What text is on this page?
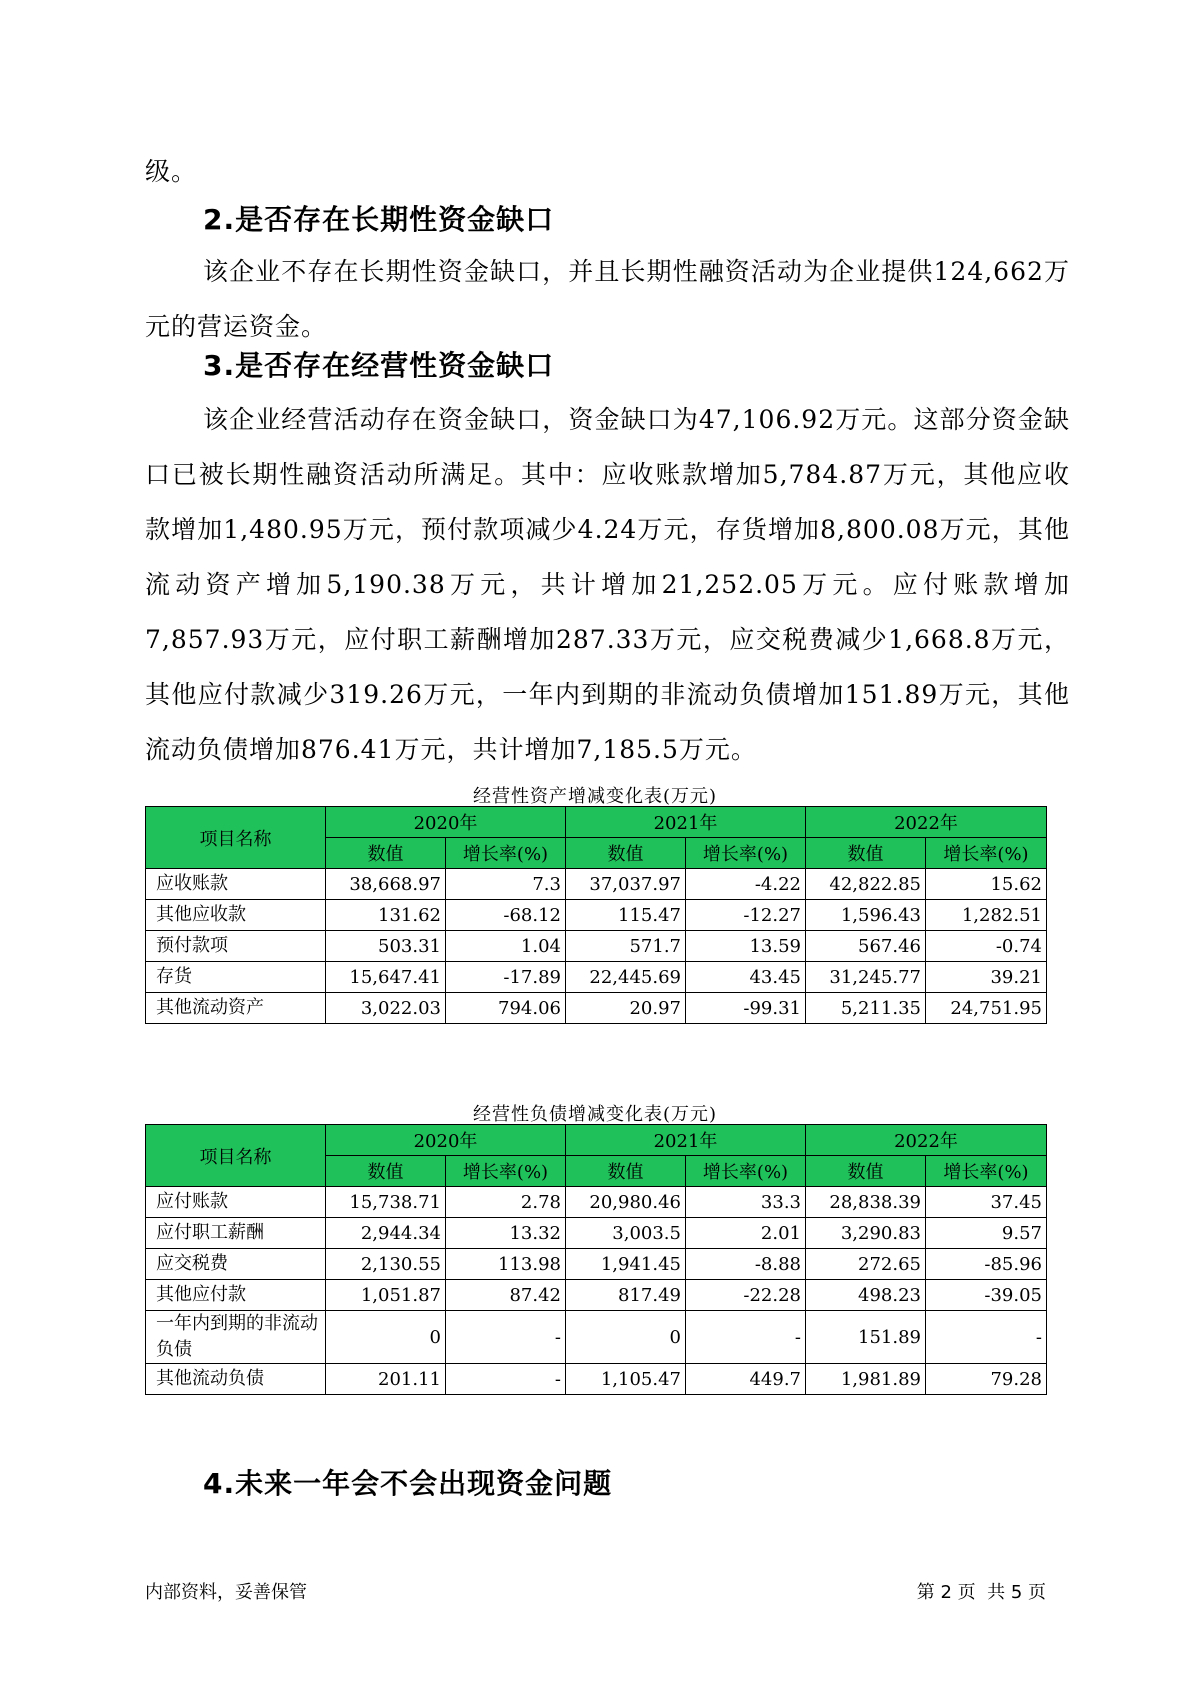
级。
2.是否存在长期性资金缺口

该企业不存在长期性资金缺口，并且长期性融资活动为企业提供124,662万元的营运资金。

3.是否存在经营性资金缺口

该企业经营活动存在资金缺口，资金缺口为47,106.92万元。这部分资金缺口已被长期性融资活动所满足。其中：应收账款增加5,784.87万元，其他应收款增加1,480.95万元，预付款项减少4.24万元，存货增加8,800.08万元，其他流动资产增加5,190.38万元，共计增加21,252.05万元。应付账款增加7,857.93万元，应付职工薪酬增加287.33万元，应交税费减少1,668.8万元，其他应付款减少319.26万元，一年内到期的非流动负债增加151.89万元，其他流动负债增加876.41万元，共计增加7,185.5万元。

经营性资产增减变化表(万元)
项目名称	2020年		2021年		2022年	
	数值	增长率(%)	数值	增长率(%)	数值	增长率(%)
应收账款	38,668.97	7.3	37,037.97	-4.22	42,822.85	15.62
其他应收款	131.62	-68.12	115.47	-12.27	1,596.43	1,282.51
预付款项	503.31	1.04	571.7	13.59	567.46	-0.74
存货	15,647.41	-17.89	22,445.69	43.45	31,245.77	39.21
其他流动资产	3,022.03	794.06	20.97	-99.31	5,211.35	24,751.95
经营性负债增减变化表(万元)
项目名称	2020年		2021年		2022年	
	数值	增长率(%)	数值	增长率(%)	数值	增长率(%)
应付账款	15,738.71	2.78	20,980.46	33.3	28,838.39	37.45
应付职工薪酬	2,944.34	13.32	3,003.5	2.01	3,290.83	9.57
应交税费	2,130.55	113.98	1,941.45	-8.88	272.65	-85.96
其他应付款	1,051.87	87.42	817.49	-22.28	498.23	-39.05
一年内到期的非流动负债	0	-	0	-	151.89	-
其他流动负债	201.11	-	1,105.47	449.7	1,981.89	79.28
4.未来一年会不会出现资金问题
内部资料，妥善保管	第 2 页  共 5 页
